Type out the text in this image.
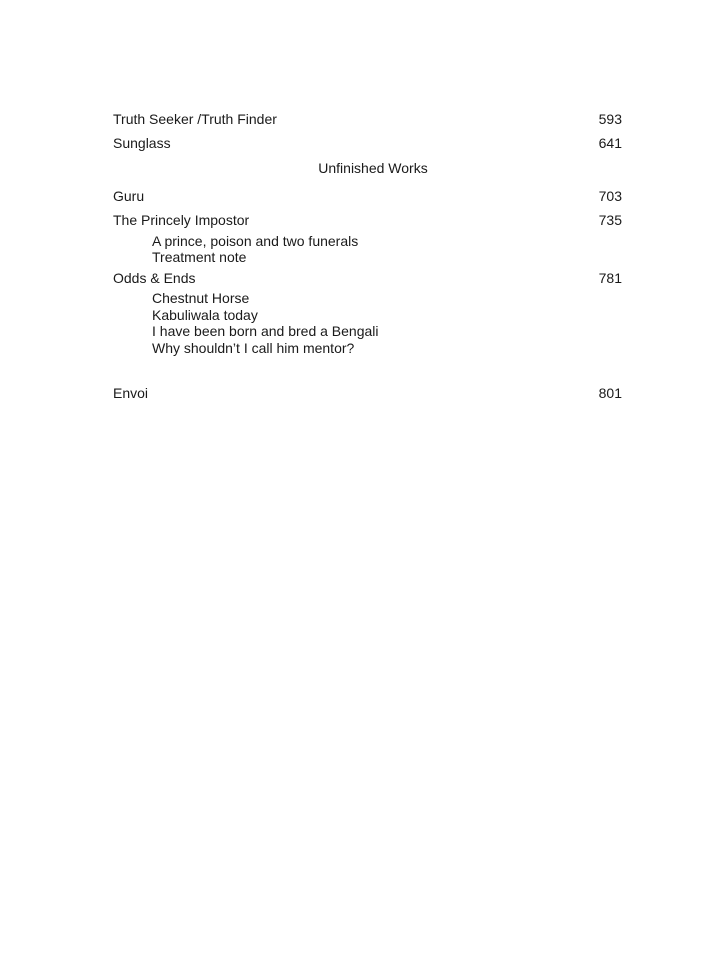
Truth Seeker /Truth Finder	593
Sunglass	641
Unfinished Works
Guru	703
The Princely Impostor	735
A prince, poison and two funerals
Treatment note
Odds & Ends	781
Chestnut Horse
Kabuliwala today
I have been born and bred a Bengali
Why shouldn’t I call him mentor?
Envoi	801
